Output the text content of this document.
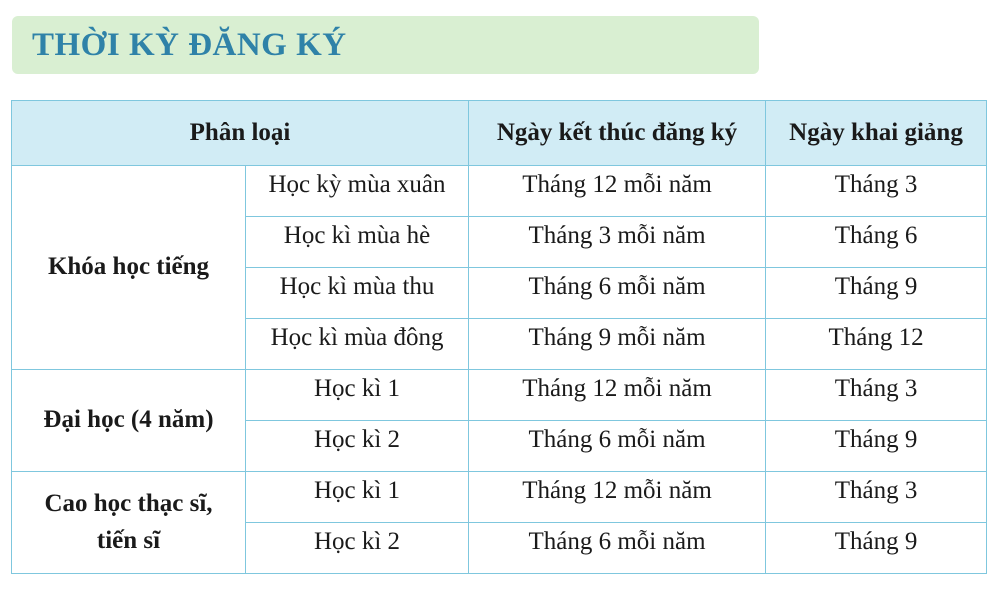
THỜI KỲ ĐĂNG KÝ
Phân loại		Ngày kết thúc đăng ký	Ngày khai giảng
Khóa học tiếng	Học kỳ mùa xuân	Tháng 12 mỗi năm	Tháng 3
	Học kì mùa hè	Tháng 3 mỗi năm	Tháng 6
	Học kì mùa thu	Tháng 6 mỗi năm	Tháng 9
	Học kì mùa đông	Tháng 9 mỗi năm	Tháng 12
Đại học (4 năm)	Học kì 1	Tháng 12 mỗi năm	Tháng 3
	Học kì 2	Tháng 6 mỗi năm	Tháng 9
Cao học thạc sĩ,
tiến sĩ	Học kì 1	Tháng 12 mỗi năm	Tháng 3
	Học kì 2	Tháng 6 mỗi năm	Tháng 9
